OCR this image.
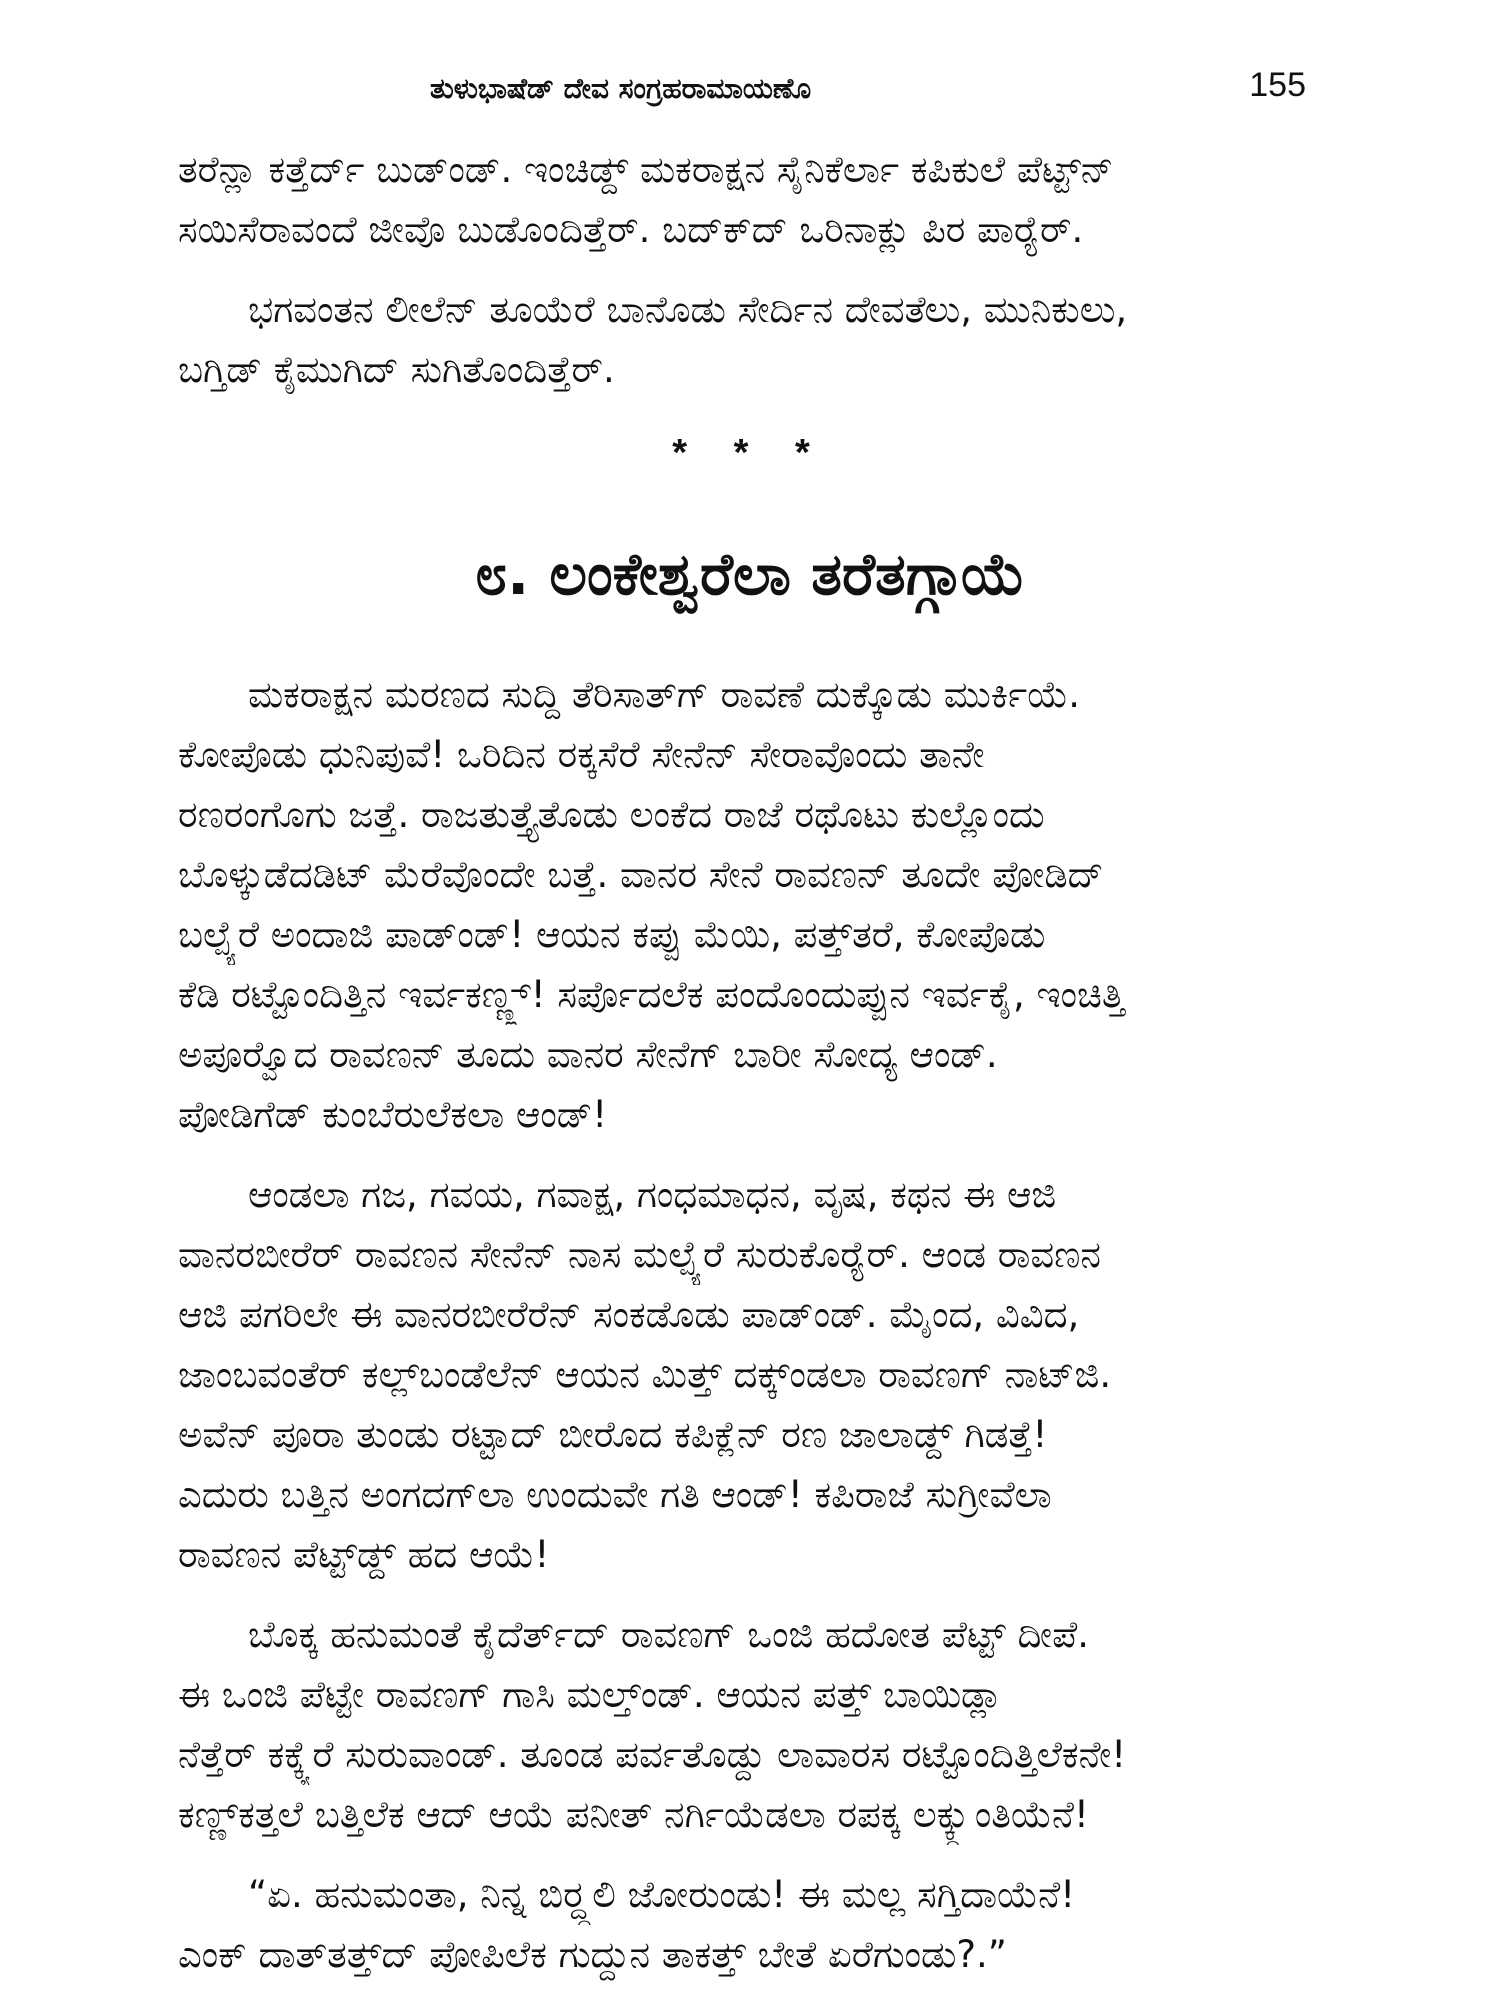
ತುಳುಭಾಷೆಡ್ ದೇವ ಸಂಗ್ರಹರಾಮಾಯಣೊ	155

ತರೆನ್ಲಾ ಕತ್ತೆರ್ದ್ ಬುಡ್ಂಡ್. ಇಂಚಿಡ್ದ್ ಮಕರಾಕ್ಷನ ಸೈನಿಕೆರ್ಲಾ ಕಪಿಕುಲೆ ಪೆಟ್ಟ್‌ನ್
ಸಯಿಸೆರಾವಂದೆ ಜೀವೊ ಬುಡೊಂದಿತ್ತೆರ್. ಬದ್‌ಕ್‌ದ್ ಒರಿನಾಕ್ಲು ಪಿರ ಪಾರ್‍ಯೆರ್.

ಭಗವಂತನ ಲೀಲೆನ್ ತೂಯೆರೆ ಬಾನೊಡು ಸೇರ್ದಿನ ದೇವತೆಲು, ಮುನಿಕುಲು,
ಬಗ್ತಿಡ್ ಕೈಮುಗಿದ್ ಸುಗಿತೊಂದಿತ್ತೆರ್.

* * *
೮. ಲಂಕೇಶ್ವರೆಲಾ ತರೆತಗ್ಗಾಯೆ

ಮಕರಾಕ್ಷನ ಮರಣದ ಸುದ್ದಿ ತೆರಿಸಾತ್‌ಗ್ ರಾವಣೆ ದುಕ್ಕೊಡು ಮುರ್ಕಿಯೆ.
ಕೋಪೊಡು ಧುನಿಪುವೆ! ಒರಿದಿನ ರಕ್ಕಸೆರೆ ಸೇನೆನ್ ಸೇರಾವೊಂದು ತಾನೇ
ರಣರಂಗೊಗು ಜತ್ತೆ. ರಾಜತುತ್ತ್ಯೆತೊಡು ಲಂಕೆದ ರಾಜೆ ರಥೊಟು ಕುಲ್ಲೊಂದು
ಬೊಳ್ಕುಡೆದಡಿಟ್ ಮೆರೆವೊಂದೇ ಬತ್ತೆ. ವಾನರ ಸೇನೆ ರಾವಣನ್ ತೂದೇ ಪೋಡಿದ್
ಬಲ್ಪ್ಯೆರೆ ಅಂದಾಜಿ ಪಾಡ್ಂಡ್! ಆಯನ ಕಪ್ಪು ಮೆಯಿ, ಪತ್ತ್‌ತರೆ, ಕೋಪೊಡು
ಕೆಡಿ ರಟ್ಟೊಂದಿತ್ತಿನ ಇರ್ವಕಣ್ಣ್ಲ್! ಸರ್ಪೊದಲೆಕ ಪಂದೊಂದುಪ್ಪುನ ಇರ್ವಕೈ, ಇಂಚಿತ್ತಿ
ಅಪೂರ್‍ವೊದ ರಾವಣನ್ ತೂದು ವಾನರ ಸೇನೆಗ್ ಬಾರೀ ಸೋದ್ಯ ಆಂಡ್.
ಪೋಡಿಗೆಡ್ ಕುಂಬೆರುಲೆಕಲಾ ಆಂಡ್!

ಆಂಡಲಾ ಗಜ, ಗವಯ, ಗವಾಕ್ಷ, ಗಂಧಮಾಧನ, ವೃಷ, ಕಥನ ಈ ಆಜಿ
ವಾನರಬೀರೆರ್ ರಾವಣನ ಸೇನೆನ್ ನಾಸ ಮಲ್ಪ್ಯೆರೆ ಸುರುಕೊರ್‍ಯೆರ್. ಆಂಡ ರಾವಣನ
ಆಜಿ ಪಗರಿಲೇ ಈ ವಾನರಬೀರೆರೆನ್ ಸಂಕಡೊಡು ಪಾಡ್ಂಡ್. ಮೈಂದ, ವಿವಿದ,
ಜಾಂಬವಂತೆರ್ ಕಲ್ಲ್‌ಬಂಡೆಲೆನ್ ಆಯನ ಮಿತ್ತ್ ದಕ್ಕ್ಂಡಲಾ ರಾವಣಗ್ ನಾಟ್‌ಜಿ.
ಅವೆನ್ ಪೂರಾ ತುಂಡು ರಟ್ಟಾದ್ ಬೀರೊದ ಕಪಿಕ್ಲೆನ್ ರಣ ಜಾಲಾಡ್ದ್ ಗಿಡತ್ತೆ!
ಎದುರು ಬತ್ತಿನ ಅಂಗದಗ್‌ಲಾ ಉಂದುವೇ ಗತಿ ಆಂಡ್! ಕಪಿರಾಜೆ ಸುಗ್ರೀವೆಲಾ
ರಾವಣನ ಪೆಟ್ಟ್‌ಡ್ದ್ ಹದ ಆಯೆ!

ಬೊಕ್ಕ ಹನುಮಂತೆ ಕೈದೆರ್ತ್‌ದ್ ರಾವಣಗ್ ಒಂಜಿ ಹದೋತ ಪೆಟ್ಟ್ ದೀಪೆ.
ಈ ಒಂಜಿ ಪೆಟ್ಟೇ ರಾವಣಗ್ ಗಾಸಿ ಮಲ್ತ್ಂಡ್. ಆಯನ ಪತ್ತ್ ಬಾಯಿಡ್ಲಾ
ನೆತ್ತೆರ್ ಕಕ್ಕ್ಯೆರೆ ಸುರುವಾಂಡ್. ತೂಂಡ ಪರ್ವತೊಡ್ದು ಲಾವಾರಸ ರಟ್ಟೊಂದಿತ್ತಿಲೆಕನೇ!
ಕಣ್ಣ್‌ಕತ್ತಲೆ ಬತ್ತಿಲೆಕ ಆದ್ ಆಯೆ ಪನೀತ್ ನರ್ಗಿಯೆಡಲಾ ರಪಕ್ಕ ಲಕ್ಕ್ದುಂತಿಯೆನೆ!

“ಏ. ಹನುಮಂತಾ, ನಿನ್ನ ಬಿರ್‍ದ್ದಲಿ ಜೋರುಂಡು! ಈ ಮಲ್ಲ ಸಗ್ತಿದಾಯೆನೆ!
ಎಂಕ್ ದಾತ್‌ತತ್ತ್‌ದ್ ಪೋಪಿಲೆಕ ಗುದ್ದುನ ತಾಕತ್ತ್ ಬೇತೆ ಏರೆಗುಂಡು?.”
